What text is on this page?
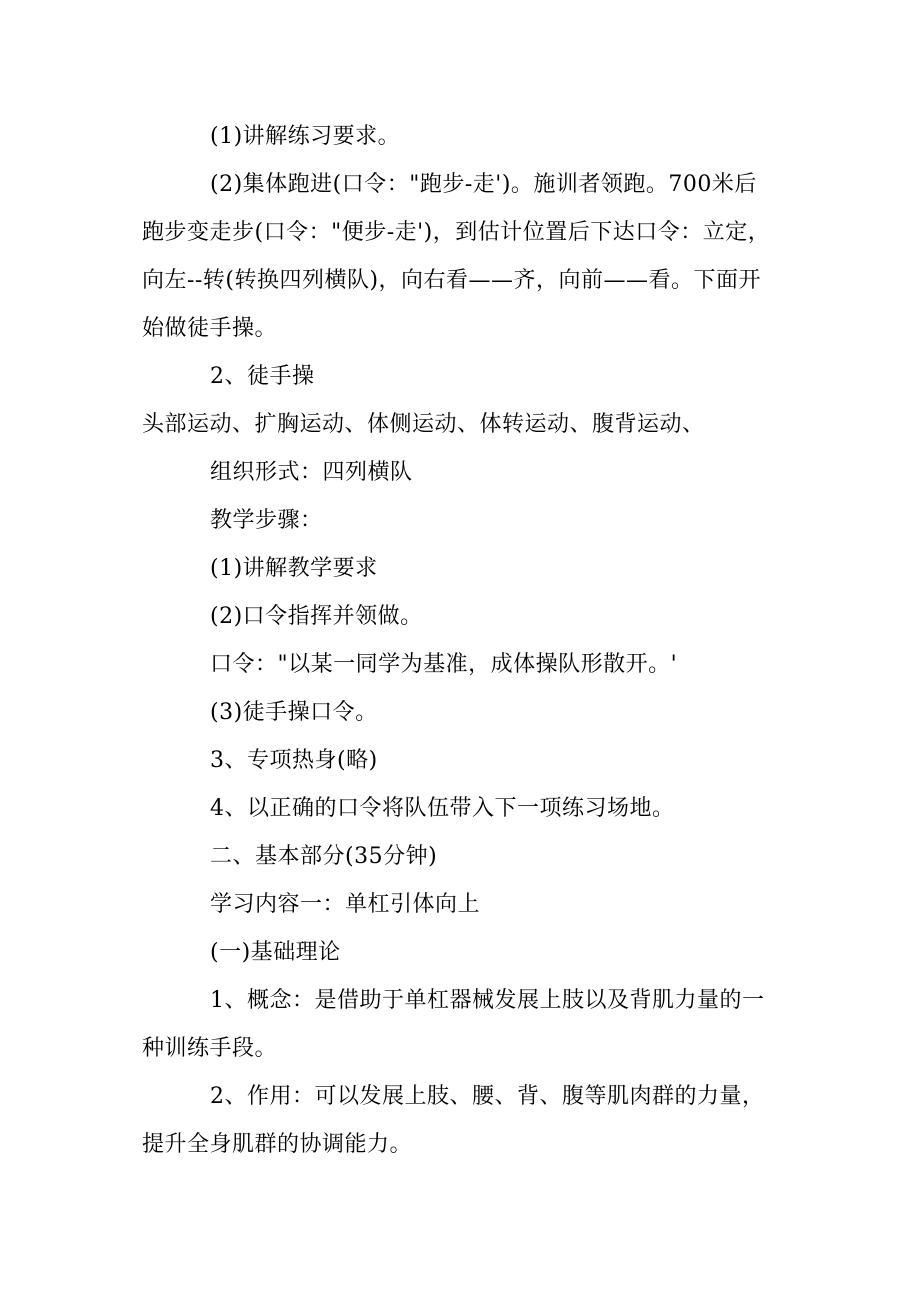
(1)讲解练习要求。

(2)集体跑进(口令："跑步-走')。施训者领跑。700米后

跑步变走步(口令："便步-走')，到估计位置后下达口令：立定，

向左--转(转换四列横队)，向右看——齐，向前——看。下面开

始做徒手操。

2、徒手操

头部运动、扩胸运动、体侧运动、体转运动、腹背运动、

组织形式：四列横队

教学步骤：

(1)讲解教学要求

(2)口令指挥并领做。

口令："以某一同学为基准，成体操队形散开。'

(3)徒手操口令。

3、专项热身(略)

4、以正确的口令将队伍带入下一项练习场地。

二、基本部分(35分钟)

学习内容一：单杠引体向上

(一)基础理论

1、概念：是借助于单杠器械发展上肢以及背肌力量的一

种训练手段。

2、作用：可以发展上肢、腰、背、腹等肌肉群的力量，

提升全身肌群的协调能力。
